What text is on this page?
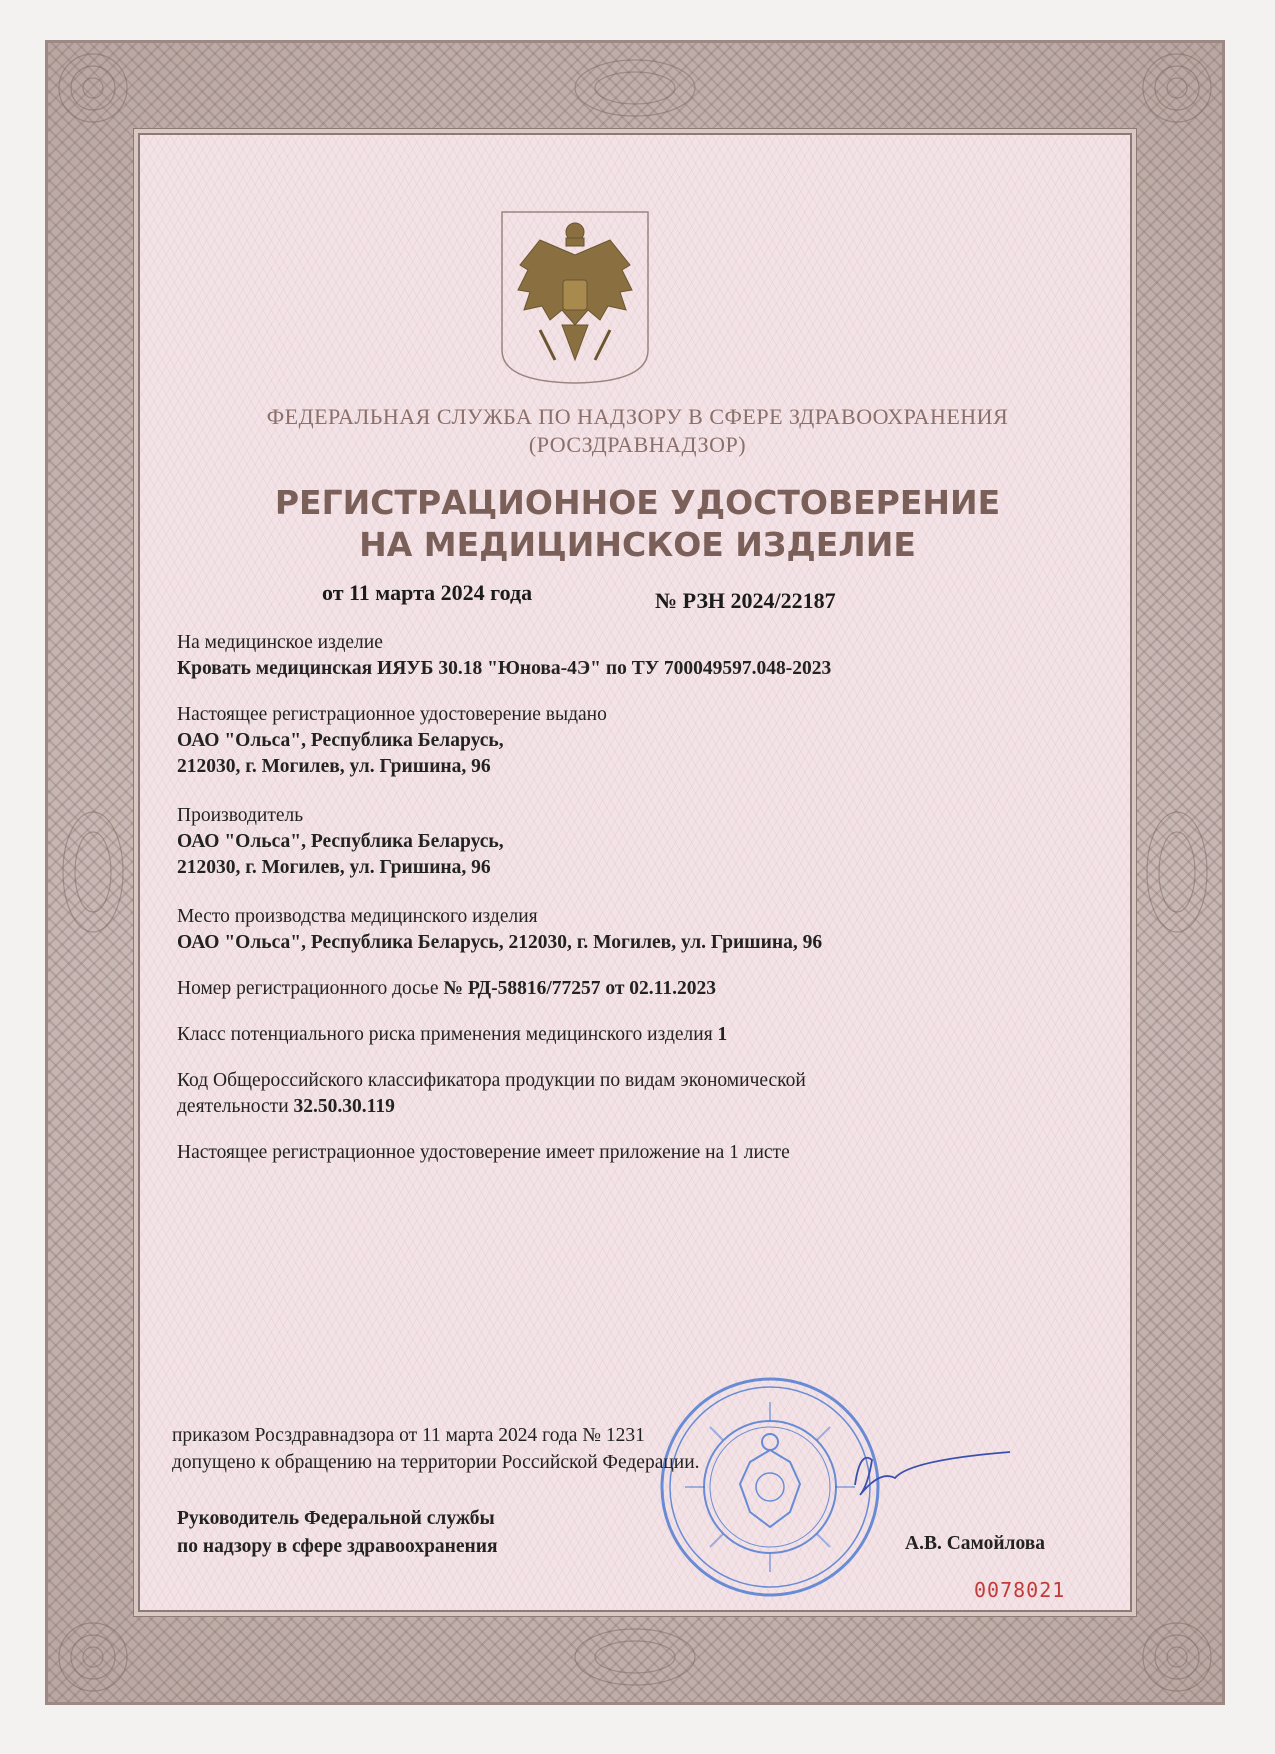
ФЕДЕРАЛЬНАЯ СЛУЖБА ПО НАДЗОРУ В СФЕРЕ ЗДРАВООХРАНЕНИЯ
(РОСЗДРАВНАДЗОР)
РЕГИСТРАЦИОННОЕ УДОСТОВЕРЕНИЕ
НА МЕДИЦИНСКОЕ ИЗДЕЛИЕ
от 11 марта 2024 года	№ РЗН 2024/22187
На медицинское изделие
Кровать медицинская ИЯУБ 30.18 "Юнова-4Э" по ТУ 700049597.048-2023
Настоящее регистрационное удостоверение выдано
ОАО "Ольса", Республика Беларусь,
212030, г. Могилев, ул. Гришина, 96
Производитель
ОАО "Ольса", Республика Беларусь,
212030, г. Могилев, ул. Гришина, 96
Место производства медицинского изделия
ОАО "Ольса", Республика Беларусь, 212030, г. Могилев, ул. Гришина, 96
Номер регистрационного досье № РД-58816/77257 от 02.11.2023
Класс потенциального риска применения медицинского изделия 1
Код Общероссийского классификатора продукции по видам экономической
деятельности 32.50.30.119
Настоящее регистрационное удостоверение имеет приложение на 1 листе
приказом Росздравнадзора от 11 марта 2024 года № 1231
допущено к обращению на территории Российской Федерации.
Руководитель Федеральной службы
по надзору в сфере здравоохранения	А.В. Самойлова
0078021
